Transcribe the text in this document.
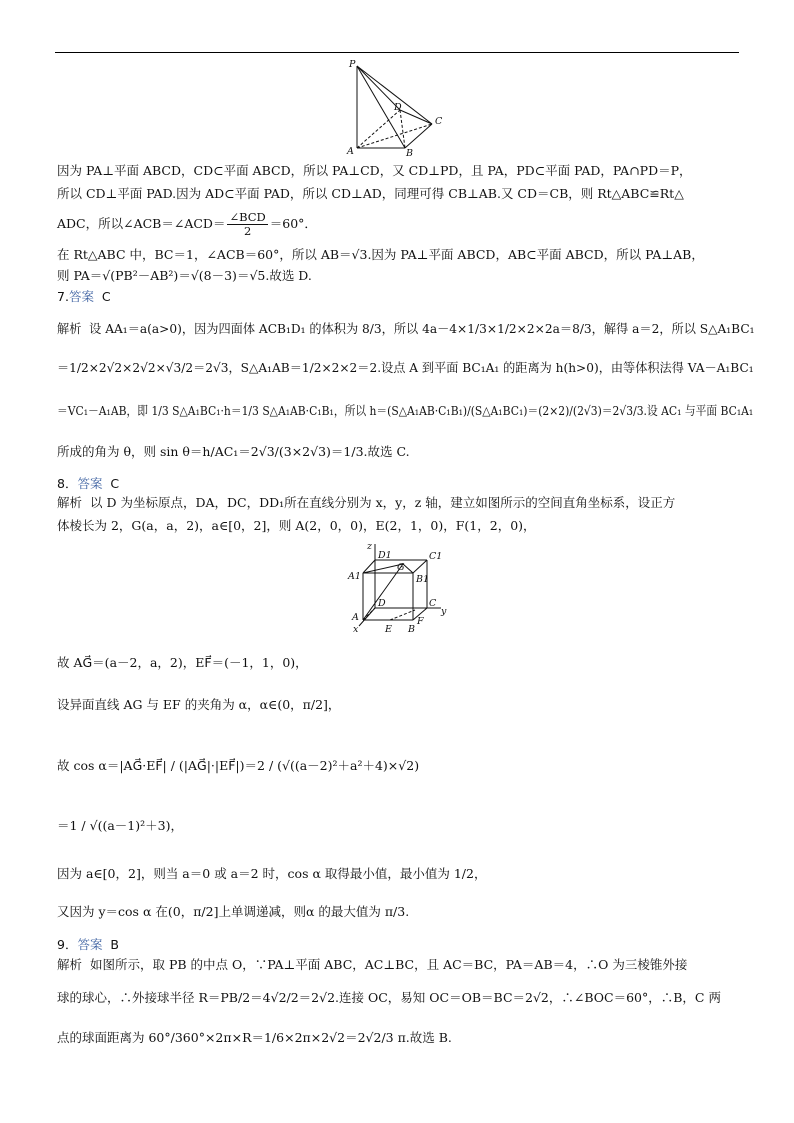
P
D
C
A	B
因为 PA⊥平面 ABCD，CD⊂平面 ABCD，所以 PA⊥CD，又 CD⊥PD，且 PA，PD⊂平面 PAD，PA∩PD＝P，
所以 CD⊥平面 PAD.因为 AD⊂平面 PAD，所以 CD⊥AD，同理可得 CB⊥AB.又 CD＝CB，则 Rt△ABC≌Rt△
ADC，所以∠ACB＝∠ACD＝ $\frac{\text{∠BCD}}{2} =60^\circ$．
在 Rt△ABC 中，BC＝1，∠ACB＝60°，所以 AB＝√3.因为 PA⊥平面 ABCD，AB⊂平面 ABCD，所以 PA⊥AB，
则 PA＝√(PB²－AB²)＝√(8－3)＝√5.故选 D.
7.答案 C
解析 设 AA₁＝a(a>0)，因为四面体 ACB₁D₁ 的体积为 8/3，所以 4a－4×1/3×1/2×2×2a＝8/3，解得 a＝2，所以 S△A₁BC₁
＝1/2×2√2×2√2×√3/2＝2√3，S△A₁AB＝1/2×2×2＝2.设点 A 到平面 BC₁A₁ 的距离为 h(h>0)，由等体积法得 VA－A₁BC₁
＝VC₁－A₁AB，即 1/3 S△A₁BC₁·h＝1/3 S△A₁AB·C₁B₁，所以 h＝(S△A₁AB·C₁B₁)/(S△A₁BC₁)＝(2×2)/(2√3)＝2√3/3.设 AC₁ 与平面 BC₁A₁
所成的角为 θ，则 sin θ＝h/AC₁＝2√3/(3×2√3)＝1/3.故选 C.
8．答案 C
解析 以 D 为坐标原点，DA，DC，DD₁所在直线分别为 x，y，z 轴，建立如图所示的空间直角坐标系，设正方
体棱长为 2，G(a，a，2)，a∈[0，2]，则 A(2，0，0)，E(2，1，0)，F(1，2，0)，
z
D1	C1
A1
G
B1
D	C
y
A
x	E B
F
故 AG⃗＝(a－2，a，2)，EF⃗＝(－1，1，0)，
设异面直线 AG 与 EF 的夹角为 α，α∈(0，π/2]，
故 cos α＝|AG⃗·EF⃗| / (|AG⃗|·|EF⃗|)＝2 / (√((a－2)²＋a²＋4)×√2)
＝1 / √((a－1)²＋3)，
因为 a∈[0，2]，则当 a＝0 或 a＝2 时，cos α 取得最小值，最小值为 1/2，
又因为 y＝cos α 在(0，π/2]上单调递减，则α 的最大值为 π/3.
9．答案 B
解析 如图所示，取 PB 的中点 O，∵PA⊥平面 ABC，AC⊥BC，且 AC＝BC，PA＝AB＝4，∴O 为三棱锥外接
球的球心，∴外接球半径 R＝PB/2＝4√2/2＝2√2.连接 OC，易知 OC＝OB＝BC＝2√2，∴∠BOC＝60°，∴B，C 两
点的球面距离为 60°/360°×2π×R＝1/6×2π×2√2＝2√2/3 π.故选 B.
